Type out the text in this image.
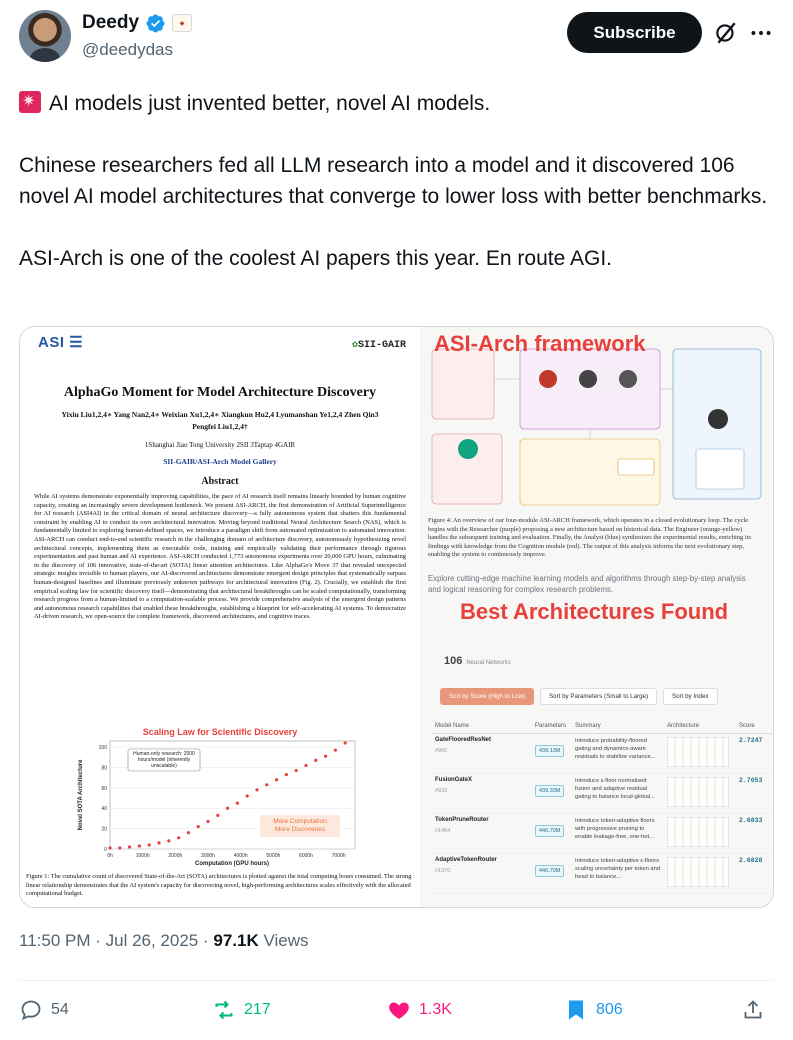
Deedy	◆
@deedydas
Subscribe

✷AI models just invented better, novel AI models.

Chinese researchers fed all LLM research into a model and it discovered 106 novel AI model architectures that converge to lower loss with better benchmarks.

ASI-Arch is one of the coolest AI papers this year. En route AGI.

ASI ☰	✿SII-GAIR
AlphaGo Moment for Model Architecture Discovery
Yixiu Liu1,2,4∗ Yang Nan2,4∗ Weixian Xu1,2,4∗ Xiangkun Hu2,4 Lyumanshan Ye1,2,4 Zhen Qin3 Pengfei Liu1,2,4†
1Shanghai Jiao Tong University 2SII 3Taptap 4GAIR
SII-GAIR/ASI-Arch Model Gallery
Abstract
While AI systems demonstrate exponentially improving capabilities, the pace of AI research itself remains linearly bounded by human cognitive capacity, creating an increasingly severe development bottleneck. We present ASI-ARCH, the first demonstration of Artificial Superintelligence for AI research (ASI4AI) in the critical domain of neural architecture discovery—a fully autonomous system that shatters this fundamental constraint by enabling AI to conduct its own architectural innovation. Moving beyond traditional Neural Architecture Search (NAS), which is fundamentally limited to exploring human-defined spaces, we introduce a paradigm shift from automated optimization to automated innovation. ASI-ARCH can conduct end-to-end scientific research in the challenging domain of architecture discovery, autonomously hypothesizing novel architectural concepts, implementing them as executable code, training and empirically validating their performance through rigorous experimentation and past human and AI experience. ASI-ARCH conducted 1,773 autonomous experiments over 20,000 GPU hours, culminating in the discovery of 106 innovative, state-of-the-art (SOTA) linear attention architectures. Like AlphaGo's Move 37 that revealed unexpected strategic insights invisible to human players, our AI-discovered architectures demonstrate emergent design principles that systematically surpass human-designed baselines and illuminate previously unknown pathways for architectural innovation (Fig. 2). Crucially, we establish the first empirical scaling law for scientific discovery itself—demonstrating that architectural breakthroughs can be scaled computationally, transforming research progress from a human-limited to a computation-scalable process. We provide comprehensive analysis of the emergent design patterns and autonomous research capabilities that enabled these breakthroughs, establishing a blueprint for self-accelerating AI systems. To democratize AI-driven research, we open-source the complete framework, discovered architectures, and cognitive traces.
Scaling Law for Scientific Discovery
0h	1000h	2000h	3000h	4000h	5000h	6000h	7000h
0
20
40
60
80
100
Human-only research: 2000 hours/model (inherently unscalable)
More Computation More Discoveries
Computation (GPU hours)
Novel SOTA Architecture
Figure 1: The cumulative count of discovered State-of-the-Art (SOTA) architectures is plotted against the total computing hours consumed. The strong linear relationship demonstrates that the AI system's capacity for discovering novel, high-performing architectures scales effectively with the allocated computational budget.
ASI-Arch framework
Figure 4: An overview of our four-module ASI-ARCH framework, which operates in a closed evolutionary loop. The cycle begins with the Researcher (purple) proposing a new architecture based on historical data. The Engineer (orange-yellow) handles the subsequent training and evaluation. Finally, the Analyst (blue) synthesizes the experimental results, enriching its findings with knowledge from the Cognition module (red). The output of this analysis informs the next evolutionary step, enabling the system to continuously improve.
Explore cutting-edge machine learning models and algorithms through step-by-step analysis and logical reasoning for complex research problems.
Best Architectures Found
106 Neural Networks
Sort by Score (High to Low)	Sort by Parameters (Small to Large)	Sort by Index
Model Name	Parameters	Summary	Architecture	Score

GateFlooredResNet
#965	439.13M	Introduce probability-floored gating and dynamics-aware residuals to stabilize variance...		2.7247

FusionGateX
#933	439.33M	Introduce ε-floor normalised fusion and adaptive residual gating to balance local-global...		2.7053

TokenPruneRouter
#1454	440.70M	Introduce token-adaptive floors with progressive pruning to enable leakage-free, one-hot...		2.6833

AdaptiveTokenRouter
#1370	440.70M	Introduce token-adaptive ε-floors scaling uncertainty per token and head to balance...		2.6828
11:50 PM · Jul 26, 2025 · 97.1K Views
54	217	1.3K	806
